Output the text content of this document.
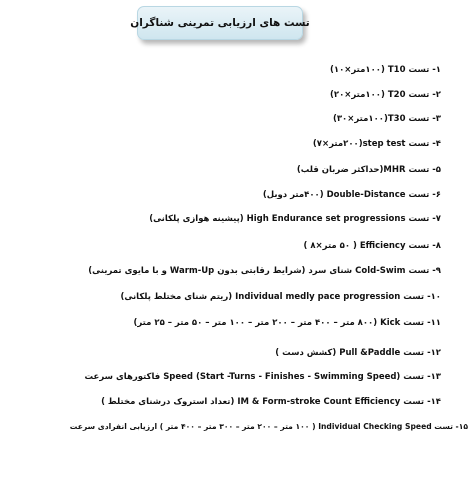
تست های ارزیابی تمرینی شناگران
۱- تست T10 (۱۰۰متر×۱۰)
۲- تست T20 (۱۰۰متر×۲۰)
۳- تست T30(۱۰۰متر×۳۰)
۴- تست step test(۲۰۰متر×۷)
۵- تست MHR(حداکثر ضربان قلب)
۶- تست Double-Distance (۴۰۰متر دوبل)
۷- تست High Endurance set progressions (پیشینه هوازی پلکانی)
۸- تست Efficiency ( ۵۰ متر×۸ )
۹- تست Cold-Swim شنای سرد (شرایط رقابتی بدون Warm-Up و با مایوی تمرینی)
۱۰- تست Individual medly pace progression (ریتم شنای مختلط پلکانی)
۱۱- تست Kick (۸۰۰ متر – ۴۰۰ متر – ۲۰۰ متر – ۱۰۰ متر – ۵۰ متر – ۲۵ متر)
۱۲- تست Pull &Paddle (کشش دست )
۱۳- تست Speed (Start -Turns - Finishes - Swimming Speed) فاکتورهای سرعت
۱۴- تست IM & Form-stroke Count Efficiency (تعداد استروک درشنای مختلط )
۱۵- تست Individual Checking Speed ( ۱۰۰ متر – ۲۰۰ متر – ۳۰۰ متر – ۴۰۰ متر ) ارزیابی انفرادی سرعت
